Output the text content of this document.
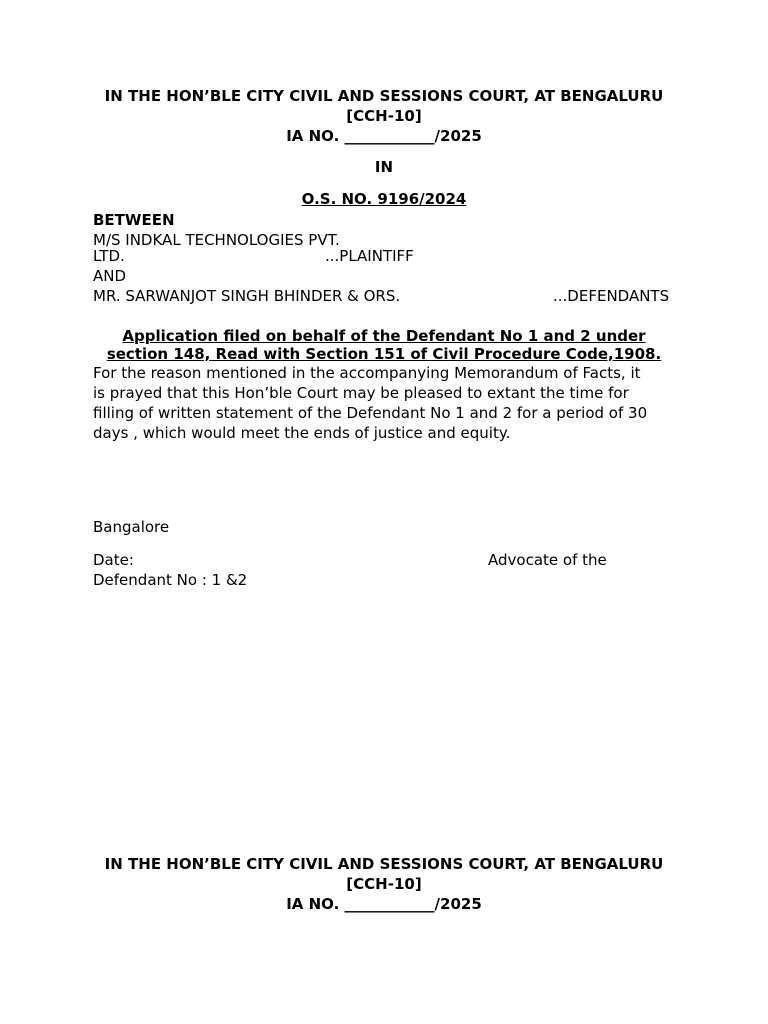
IN THE HON’BLE CITY CIVIL AND SESSIONS COURT, AT BENGALURU
[CCH-10]
IA NO. ____________/2025
IN
O.S. NO. 9196/2024
BETWEEN
M/S INDKAL TECHNOLOGIES PVT.
LTD.	...PLAINTIFF
AND
MR. SARWANJOT SINGH BHINDER & ORS.	...DEFENDANTS
Application filed on behalf of the Defendant No 1 and 2 under
section 148, Read with Section 151 of Civil Procedure Code,1908.
For the reason mentioned in the accompanying Memorandum of Facts, it
is prayed that this Hon’ble Court may be pleased to extant the time for
filling of written statement of the Defendant No 1 and 2 for a period of 30
days , which would meet the ends of justice and equity.
Bangalore
Date:	Advocate of the
Defendant No : 1 &2
IN THE HON’BLE CITY CIVIL AND SESSIONS COURT, AT BENGALURU
[CCH-10]
IA NO. ____________/2025
